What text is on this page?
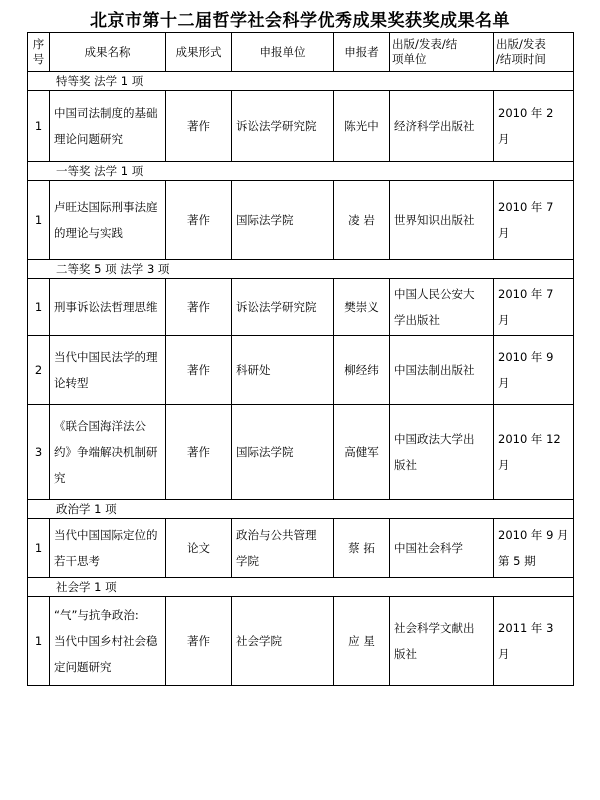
北京市第十二届哲学社会科学优秀成果奖获奖成果名单
序
号	成果名称	成果形式	申报单位	申报者	出版/发表/结
项单位	出版/发表
/结项时间
特等奖 法学 1 项						
1	中国司法制度的基础
理论问题研究	著作	诉讼法学研究院	陈光中	经济科学出版社	2010 年 2
月
一等奖 法学 1 项						
1	卢旺达国际刑事法庭
的理论与实践	著作	国际法学院	凌 岩	世界知识出版社	2010 年 7
月
二等奖 5 项 法学 3 项						
1	刑事诉讼法哲理思维	著作	诉讼法学研究院	樊崇义	中国人民公安大
学出版社	2010 年 7
月
2	当代中国民法学的理
论转型	著作	科研处	柳经纬	中国法制出版社	2010 年 9
月
3	《联合国海洋法公
约》争端解决机制研
究	著作	国际法学院	高健军	中国政法大学出
版社	2010 年 12
月
政治学 1 项						
1	当代中国国际定位的
若干思考	论文	政治与公共管理
学院	蔡 拓	中国社会科学	2010 年 9 月
第 5 期
社会学 1 项						
1	“气”与抗争政治:
当代中国乡村社会稳
定问题研究	著作	社会学院	应 星	社会科学文献出
版社	2011 年 3
月
